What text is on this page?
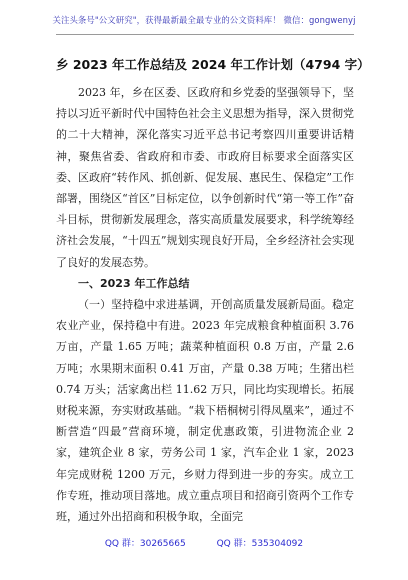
关注头条号"公文研究"，获得最新最全最专业的公文资料库！ 微信：gongwenyj
乡 2023 年工作总结及 2024 年工作计划（4794 字）

2023 年，乡在区委、区政府和乡党委的坚强领导下，坚持以习近平新时代中国特色社会主义思想为指导，深入贯彻党的二十大精神，深化落实习近平总书记考察四川重要讲话精神，聚焦省委、省政府和市委、市政府目标要求全面落实区委、区政府“转作风、抓创新、促发展、惠民生、保稳定”工作部署，围绕区“首区”目标定位，以争创新时代“第一等工作”奋斗目标，贯彻新发展理念，落实高质量发展要求，科学统筹经济社会发展，“十四五”规划实现良好开局，全乡经济社会实现了良好的发展态势。

一、2023 年工作总结

（一）坚持稳中求进基调，开创高质量发展新局面。稳定农业产业，保持稳中有进。2023 年完成粮食种植面积 3.76 万亩，产量 1.65 万吨；蔬菜种植面积 0.8 万亩，产量 2.6 万吨；水果期末面积 0.41 万亩，产量 0.38 万吨；生猪出栏 0.74 万头；活家禽出栏 11.62 万只，同比均实现增长。拓展财税来源，夯实财政基础。“栽下梧桐树引得凤凰来”，通过不断营造“四最”营商环境，制定优惠政策，引进物流企业 2 家，建筑企业 8 家，劳务公司 1 家，汽车企业 1 家，2023 年完成财税 1200 万元，乡财力得到进一步的夯实。成立工作专班，推动项目落地。成立重点项目和招商引资两个工作专班，通过外出招商和积极争取，全面完

QQ 群：30265665	QQ 群：535304092
